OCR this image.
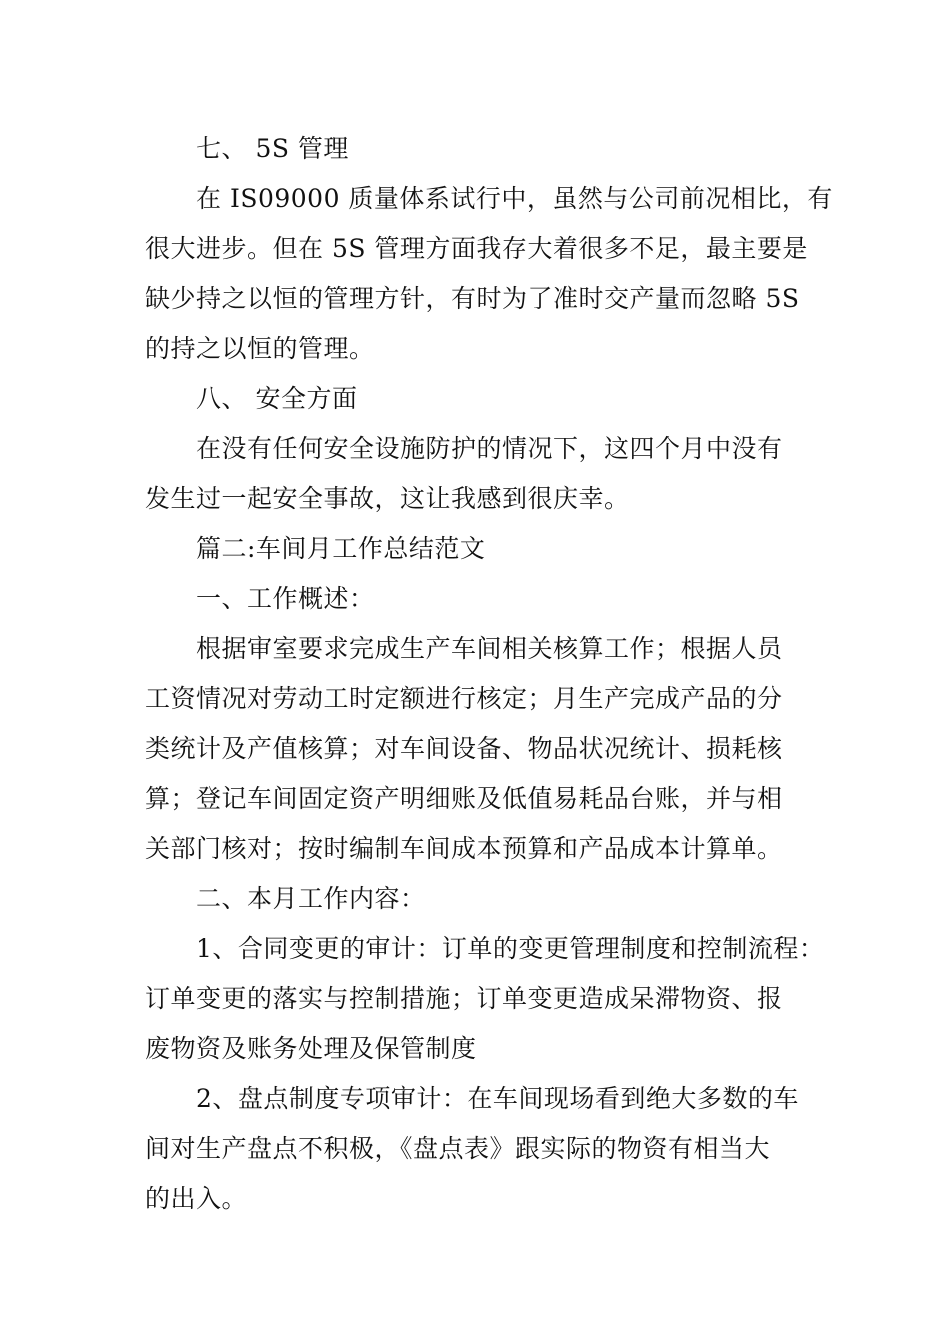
七、 5S 管理
在 IS09000 质量体系试行中，虽然与公司前况相比，有
很大进步。但在 5S 管理方面我存大着很多不足，最主要是
缺少持之以恒的管理方针，有时为了准时交产量而忽略 5S
的持之以恒的管理。
八、 安全方面
在没有任何安全设施防护的情况下，这四个月中没有
发生过一起安全事故，这让我感到很庆幸。
篇二:车间月工作总结范文
一、工作概述：
根据审室要求完成生产车间相关核算工作；根据人员
工资情况对劳动工时定额进行核定；月生产完成产品的分
类统计及产值核算；对车间设备、物品状况统计、损耗核
算；登记车间固定资产明细账及低值易耗品台账，并与相
关部门核对；按时编制车间成本预算和产品成本计算单。
二、本月工作内容：
1、合同变更的审计：订单的变更管理制度和控制流程：
订单变更的落实与控制措施；订单变更造成呆滞物资、报
废物资及账务处理及保管制度
2、盘点制度专项审计：在车间现场看到绝大多数的车
间对生产盘点不积极，《盘点表》跟实际的物资有相当大
的出入。
